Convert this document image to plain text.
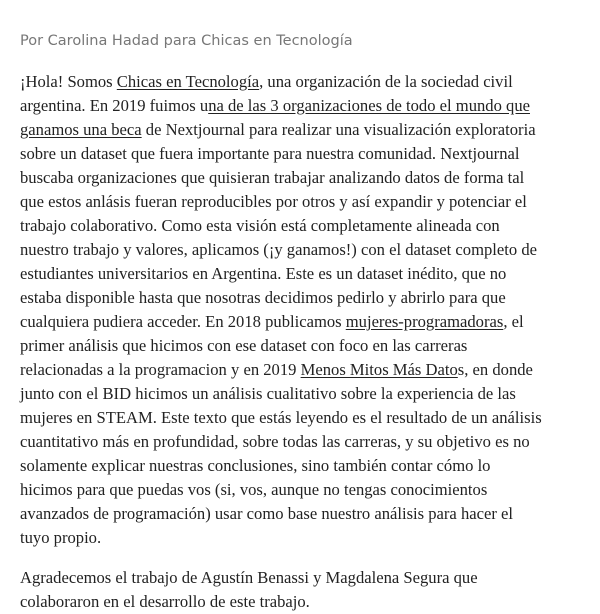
Por Carolina Hadad para Chicas en Tecnología

¡Hola! Somos Chicas en Tecnología, una organización de la sociedad civil
argentina. En 2019 fuimos una de las 3 organizaciones de todo el mundo que
ganamos una beca de Nextjournal para realizar una visualización exploratoria
sobre un dataset que fuera importante para nuestra comunidad. Nextjournal
buscaba organizaciones que quisieran trabajar analizando datos de forma tal
que estos anlásis fueran reproducibles por otros y así expandir y potenciar el
trabajo colaborativo. Como esta visión está completamente alineada con
nuestro trabajo y valores, aplicamos (¡y ganamos!) con el dataset completo de
estudiantes universitarios en Argentina. Este es un dataset inédito, que no
estaba disponible hasta que nosotras decidimos pedirlo y abrirlo para que
cualquiera pudiera acceder. En 2018 publicamos mujeres-programadoras, el
primer análisis que hicimos con ese dataset con foco en las carreras
relacionadas a la programacion y en 2019 Menos Mitos Más Datos, en donde
junto con el BID hicimos un análisis cualitativo sobre la experiencia de las
mujeres en STEAM. Este texto que estás leyendo es el resultado de un análisis
cuantitativo más en profundidad, sobre todas las carreras, y su objetivo es no
solamente explicar nuestras conclusiones, sino también contar cómo lo
hicimos para que puedas vos (si, vos, aunque no tengas conocimientos
avanzados de programación) usar como base nuestro análisis para hacer el
tuyo propio.

Agradecemos el trabajo de Agustín Benassi y Magdalena Segura que
colaboraron en el desarrollo de este trabajo.
